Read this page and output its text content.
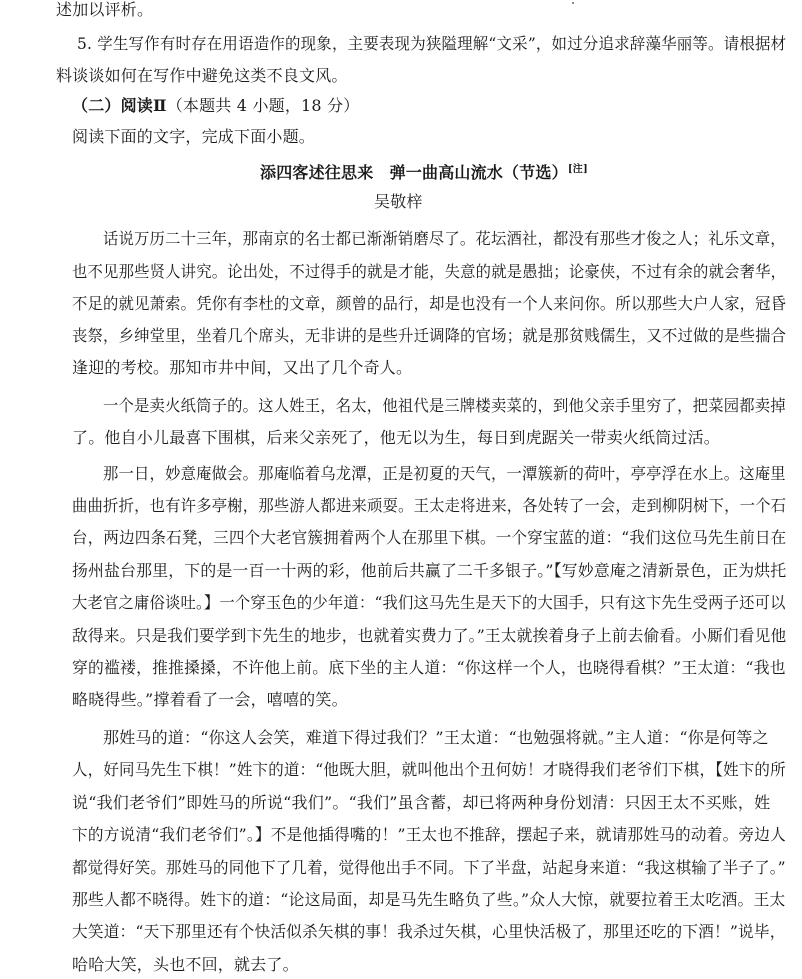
述加以评析。
5. 学生写作有时存在用语造作的现象，主要表现为狭隘理解“文采”，如过分追求辞藻华丽等。请根据材
料谈谈如何在写作中避免这类不良文风。
（二）阅读Ⅱ（本题共 4 小题，18 分）
阅读下面的文字，完成下面小题。
添四客述往思来　弹一曲高山流水（节选）[注]
吴敬梓
话说万历二十三年，那南京的名士都已渐渐销磨尽了。花坛酒社，都没有那些才俊之人；礼乐文章，
也不见那些贤人讲究。论出处，不过得手的就是才能，失意的就是愚拙；论豪侠，不过有余的就会奢华，
不足的就见萧索。凭你有李杜的文章，颜曾的品行，却是也没有一个人来问你。所以那些大户人家，冠昏
丧祭，乡绅堂里，坐着几个席头，无非讲的是些升迁调降的官场；就是那贫贱儒生，又不过做的是些揣合
逢迎的考校。那知市井中间，又出了几个奇人。
一个是卖火纸筒子的。这人姓王，名太，他祖代是三牌楼卖菜的，到他父亲手里穷了，把菜园都卖掉
了。他自小儿最喜下围棋，后来父亲死了，他无以为生，每日到虎踞关一带卖火纸筒过活。
那一日，妙意庵做会。那庵临着乌龙潭，正是初夏的天气，一潭簇新的荷叶，亭亭浮在水上。这庵里
曲曲折折，也有许多亭榭，那些游人都进来顽耍。王太走将进来，各处转了一会，走到柳阴树下，一个石
台，两边四条石凳，三四个大老官簇拥着两个人在那里下棋。一个穿宝蓝的道：“我们这位马先生前日在
扬州盐台那里，下的是一百一十两的彩，他前后共赢了二千多银子。”【写妙意庵之清新景色，正为烘托
大老官之庸俗谈吐。】一个穿玉色的少年道：“我们这马先生是天下的大国手，只有这卞先生受两子还可以
敌得来。只是我们要学到卞先生的地步，也就着实费力了。”王太就挨着身子上前去偷看。小厮们看见他
穿的褴褛，推推搡搡，不许他上前。底下坐的主人道：“你这样一个人，也晓得看棋？”王太道：“我也
略晓得些。”撑着看了一会，嘻嘻的笑。
那姓马的道：“你这人会笑，难道下得过我们？”王太道：“也勉强将就。”主人道：“你是何等之
人，好同马先生下棋！”姓卞的道：“他既大胆，就叫他出个丑何妨！才晓得我们老爷们下棋，【姓卞的所
说“我们老爷们”即姓马的所说“我们”。“我们”虽含蓄，却已将两种身份划清：只因王太不买账，姓
卞的方说清“我们老爷们”。】不是他插得嘴的！”王太也不推辞，摆起子来，就请那姓马的动着。旁边人
都觉得好笑。那姓马的同他下了几着，觉得他出手不同。下了半盘，站起身来道：“我这棋输了半子了。”
那些人都不晓得。姓卞的道：“论这局面，却是马先生略负了些。”众人大惊，就要拉着王太吃酒。王太
大笑道：“天下那里还有个快活似杀矢棋的事！我杀过矢棋，心里快活极了，那里还吃的下酒！”说毕，
哈哈大笑，头也不回，就去了。
